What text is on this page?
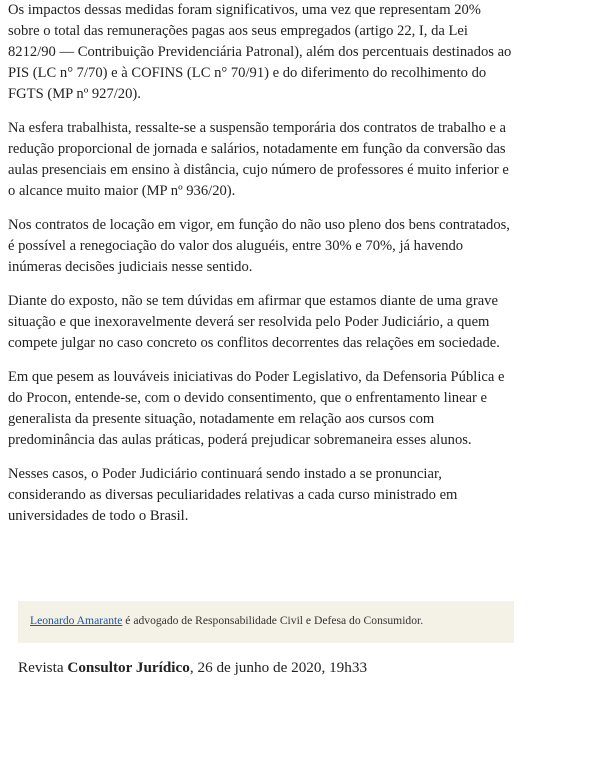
Os impactos dessas medidas foram significativos, uma vez que representam 20% sobre o total das remunerações pagas aos seus empregados (artigo 22, I, da Lei 8212/90 — Contribuição Previdenciária Patronal), além dos percentuais destinados ao PIS (LC n° 7/70) e à COFINS (LC n° 70/91) e do diferimento do recolhimento do FGTS (MP nº 927/20).

Na esfera trabalhista, ressalte-se a suspensão temporária dos contratos de trabalho e a redução proporcional de jornada e salários, notadamente em função da conversão das aulas presenciais em ensino à distância, cujo número de professores é muito inferior e o alcance muito maior (MP nº 936/20).

Nos contratos de locação em vigor, em função do não uso pleno dos bens contratados, é possível a renegociação do valor dos aluguéis, entre 30% e 70%, já havendo inúmeras decisões judiciais nesse sentido.

Diante do exposto, não se tem dúvidas em afirmar que estamos diante de uma grave situação e que inexoravelmente deverá ser resolvida pelo Poder Judiciário, a quem compete julgar no caso concreto os conflitos decorrentes das relações em sociedade.

Em que pesem as louváveis iniciativas do Poder Legislativo, da Defensoria Pública e do Procon, entende-se, com o devido consentimento, que o enfrentamento linear e generalista da presente situação, notadamente em relação aos cursos com predominância das aulas práticas, poderá prejudicar sobremaneira esses alunos.

Nesses casos, o Poder Judiciário continuará sendo instado a se pronunciar, considerando as diversas peculiaridades relativas a cada curso ministrado em universidades de todo o Brasil.

Leonardo Amarante é advogado de Responsabilidade Civil e Defesa do Consumidor.
Revista Consultor Jurídico, 26 de junho de 2020, 19h33
